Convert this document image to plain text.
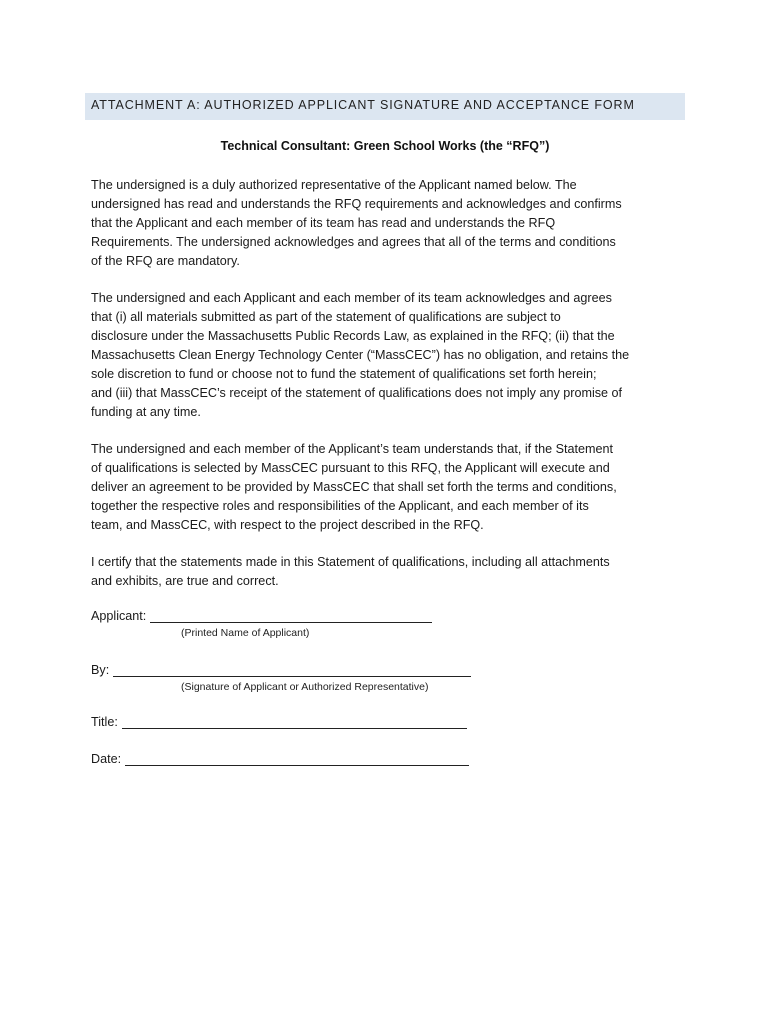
ATTACHMENT A: AUTHORIZED APPLICANT SIGNATURE AND ACCEPTANCE FORM
Technical Consultant: Green School Works (the “RFQ”)
The undersigned is a duly authorized representative of the Applicant named below. The
undersigned has read and understands the RFQ requirements and acknowledges and confirms
that the Applicant and each member of its team has read and understands the RFQ
Requirements. The undersigned acknowledges and agrees that all of the terms and conditions
of the RFQ are mandatory.
The undersigned and each Applicant and each member of its team acknowledges and agrees
that (i) all materials submitted as part of the statement of qualifications are subject to
disclosure under the Massachusetts Public Records Law, as explained in the RFQ; (ii) that the
Massachusetts Clean Energy Technology Center (“MassCEC”) has no obligation, and retains the
sole discretion to fund or choose not to fund the statement of qualifications set forth herein;
and (iii) that MassCEC’s receipt of the statement of qualifications does not imply any promise of
funding at any time.
The undersigned and each member of the Applicant’s team understands that, if the Statement
of qualifications is selected by MassCEC pursuant to this RFQ, the Applicant will execute and
deliver an agreement to be provided by MassCEC that shall set forth the terms and conditions,
together the respective roles and responsibilities of the Applicant, and each member of its
team, and MassCEC, with respect to the project described in the RFQ.
I certify that the statements made in this Statement of qualifications, including all attachments
and exhibits, are true and correct.
Applicant:
(Printed Name of Applicant)
By:
(Signature of Applicant or Authorized Representative)
Title:
Date:
